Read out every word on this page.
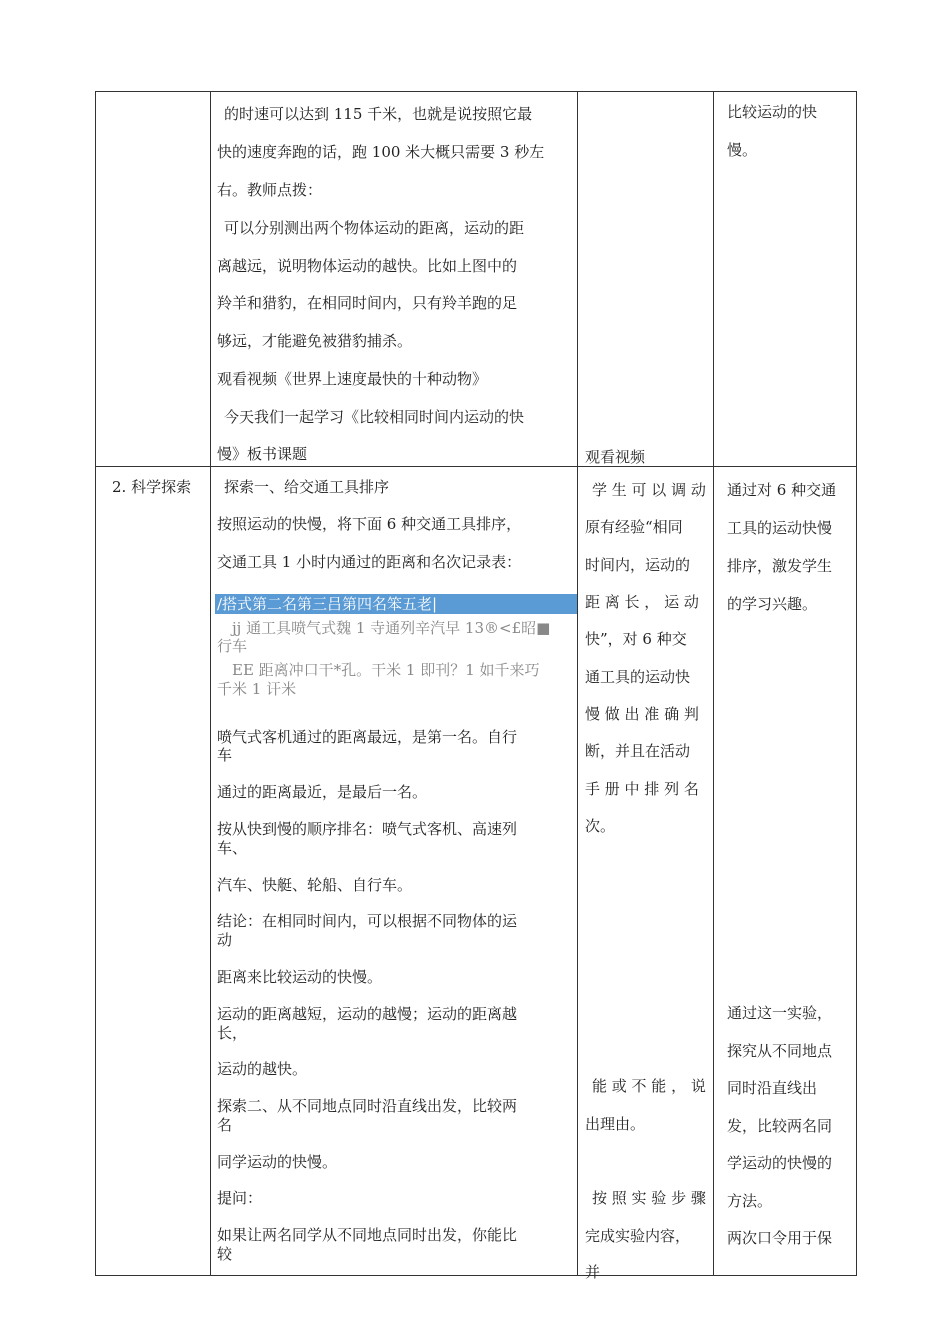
的时速可以达到 115 千米，也就是说按照它最
快的速度奔跑的话，跑 100 米大概只需要 3 秒左
右。教师点拨：
可以分别测出两个物体运动的距离，运动的距
离越远，说明物体运动的越快。比如上图中的
羚羊和猎豹，在相同时间内，只有羚羊跑的足
够远，才能避免被猎豹捕杀。
观看视频《世界上速度最快的十种动物》
今天我们一起学习《比较相同时间内运动的快
慢》板书课题	观看视频
比较运动的快
慢。
2. 科学探索 探索一、给交通工具排序
按照运动的快慢，将下面 6 种交通工具排序，
交通工具 1 小时内通过的距离和名次记录表：
/搭式第二名第三吕第四名笨五老|
jj 通工具喷气式魏 1 寺通列辛汽早 13®<£昭■
行车
EE 距离冲口干*孔。干米 1 即刊？1 如千来巧
千米 1 讦米
喷气式客机通过的距离最远，是第一名。自行
车
通过的距离最近，是最后一名。
按从快到慢的顺序排名：喷气式客机、高速列
车、
汽车、快艇、轮船、自行车。
结论：在相同时间内，可以根据不同物体的运
动
距离来比较运动的快慢。
运动的距离越短，运动的越慢；运动的距离越
长，
运动的越快。
探索二、从不同地点同时沿直线出发，比较两
名
同学运动的快慢。
提问：
如果让两名同学从不同地点同时出发，你能比
较
学 生 可 以 调 动
原有经验“相同
时间内，运动的
距 离 长 ， 运 动
快”，对 6 种交
通工具的运动快
慢 做 出 准 确 判
断，并且在活动
手 册 中 排 列 名
次。
能 或 不 能 ， 说
出理由。
按 照 实 验 步 骤
完成实验内容，
并
通过对 6 种交通
工具的运动快慢
排序，激发学生
的学习兴趣。
通过这一实验，
探究从不同地点
同时沿直线出
发，比较两名同
学运动的快慢的
方法。
两次口令用于保
